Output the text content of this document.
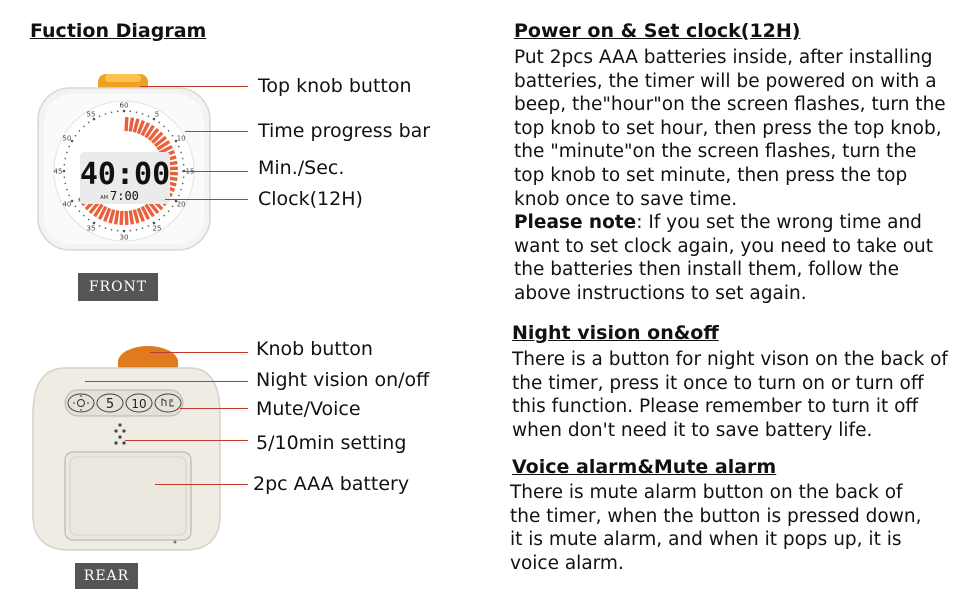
Fuction Diagram
60
5
10
20
25
30
35
40
45
50
55
40:00
AM 7:00
FRONT
Top knob button
Time progress bar
Min./Sec.
Clock(12H)
5 10
REAR
Knob button
Night vision on/off
Mute/Voice
5/10min setting
2pc AAA battery
Power on & Set clock(12H)
Put 2pcs AAA batteries inside, after installing batteries, the timer will be powered on with a beep, the"hour"on the screen flashes, turn the top knob to set hour, then press the top knob, the "minute"on the screen flashes, turn the top knob to set minute, then press the top knob once to save time.
Please note: If you set the wrong time and want to set clock again, you need to take out the batteries then install them, follow the above instructions to set again.
Night vision on&off
There is a button for night vison on the back of the timer, press it once to turn on or turn off this function. Please remember to turn it off when don't need it to save battery life.
Voice alarm&Mute alarm
There is mute alarm button on the back of the timer, when the button is pressed down, it is mute alarm, and when it pops up, it is voice alarm.
